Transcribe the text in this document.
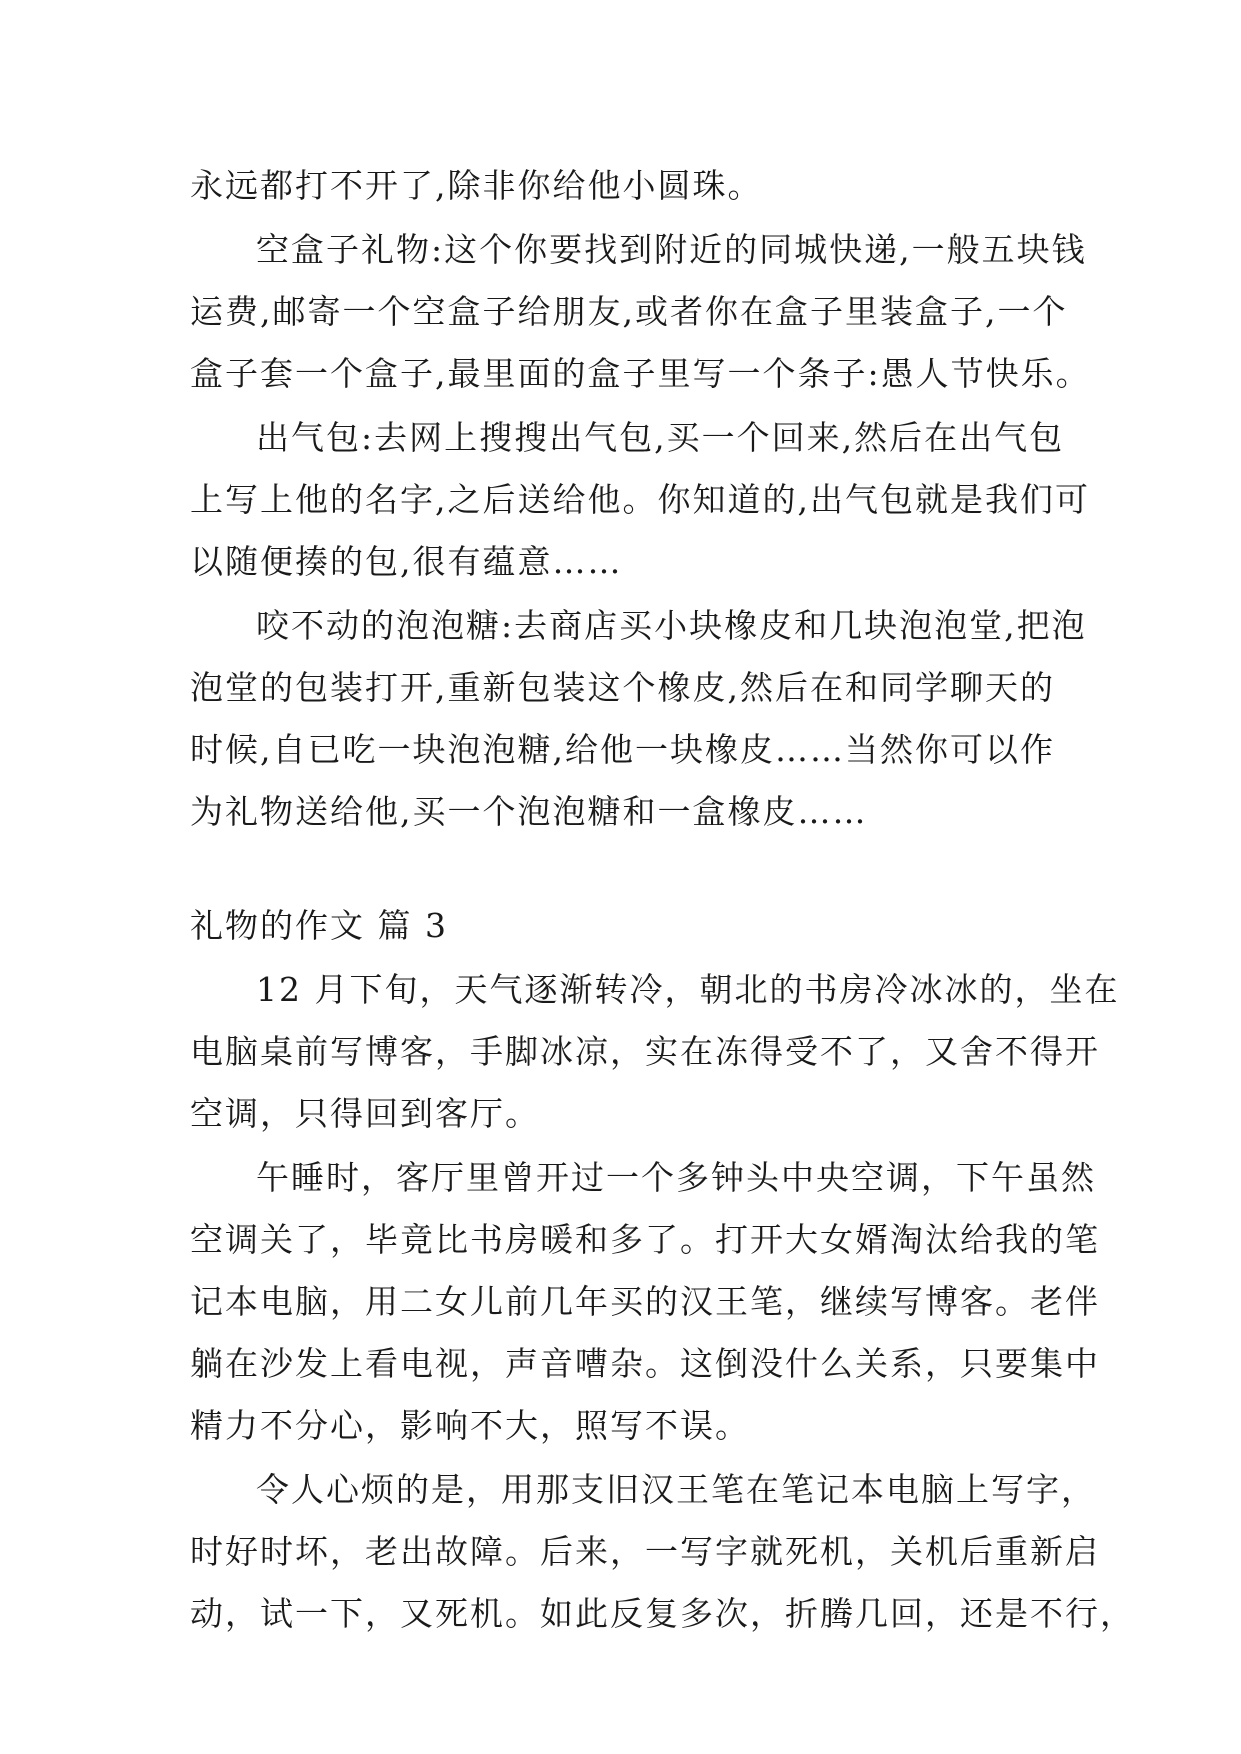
永远都打不开了,除非你给他小圆珠。
空盒子礼物:这个你要找到附近的同城快递,一般五块钱
运费,邮寄一个空盒子给朋友,或者你在盒子里装盒子,一个
盒子套一个盒子,最里面的盒子里写一个条子:愚人节快乐。
出气包:去网上搜搜出气包,买一个回来,然后在出气包
上写上他的名字,之后送给他。你知道的,出气包就是我们可
以随便揍的包,很有蕴意……
咬不动的泡泡糖:去商店买小块橡皮和几块泡泡堂,把泡
泡堂的包装打开,重新包装这个橡皮,然后在和同学聊天的
时候,自已吃一块泡泡糖,给他一块橡皮……当然你可以作
为礼物送给他,买一个泡泡糖和一盒橡皮……
礼物的作文 篇 3
12 月下旬，天气逐渐转冷，朝北的书房冷冰冰的，坐在
电脑桌前写博客，手脚冰凉，实在冻得受不了，又舍不得开
空调，只得回到客厅。
午睡时，客厅里曾开过一个多钟头中央空调，下午虽然
空调关了，毕竟比书房暖和多了。打开大女婿淘汰给我的笔
记本电脑，用二女儿前几年买的汉王笔，继续写博客。老伴
躺在沙发上看电视，声音嘈杂。这倒没什么关系，只要集中
精力不分心，影响不大，照写不误。
令人心烦的是，用那支旧汉王笔在笔记本电脑上写字，
时好时坏，老出故障。后来，一写字就死机，关机后重新启
动，试一下，又死机。如此反复多次，折腾几回，还是不行，
